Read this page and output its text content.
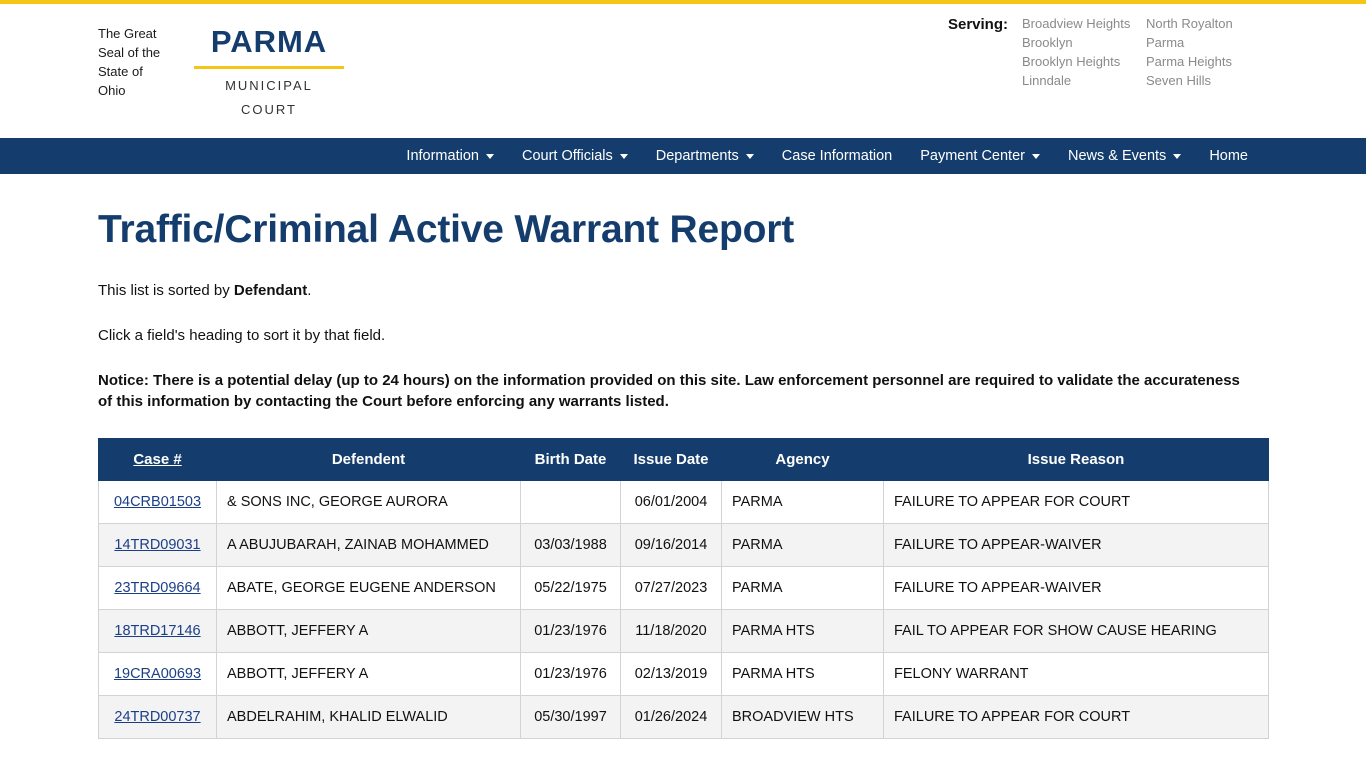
The Great Seal of the State of Ohio
PARMA
MUNICIPAL
COURT
Serving: Broadview Heights
Brooklyn
Brooklyn Heights
Linndale
North Royalton
Parma
Parma Heights
Seven Hills
Information	Court Officials	Departments	Case Information Payment Center	News & Events	Home
Traffic/Criminal Active Warrant Report

This list is sorted by Defendant.

Click a field's heading to sort it by that field.

Notice: There is a potential delay (up to 24 hours) on the information provided on this site. Law enforcement personnel are required to validate the accurateness of this information by contacting the Court before enforcing any warrants listed.

Case #	Defendent	Birth Date	Issue Date	Agency	Issue Reason
04CRB01503	& SONS INC, GEORGE AURORA		06/01/2004	PARMA	FAILURE TO APPEAR FOR COURT
14TRD09031	A ABUJUBARAH, ZAINAB MOHAMMED	03/03/1988	09/16/2014	PARMA	FAILURE TO APPEAR-WAIVER
23TRD09664	ABATE, GEORGE EUGENE ANDERSON	05/22/1975	07/27/2023	PARMA	FAILURE TO APPEAR-WAIVER
18TRD17146	ABBOTT, JEFFERY A	01/23/1976	11/18/2020	PARMA HTS	FAIL TO APPEAR FOR SHOW CAUSE HEARING
19CRA00693	ABBOTT, JEFFERY A	01/23/1976	02/13/2019	PARMA HTS	FELONY WARRANT
24TRD00737	ABDELRAHIM, KHALID ELWALID	05/30/1997	01/26/2024	BROADVIEW HTS	FAILURE TO APPEAR FOR COURT
